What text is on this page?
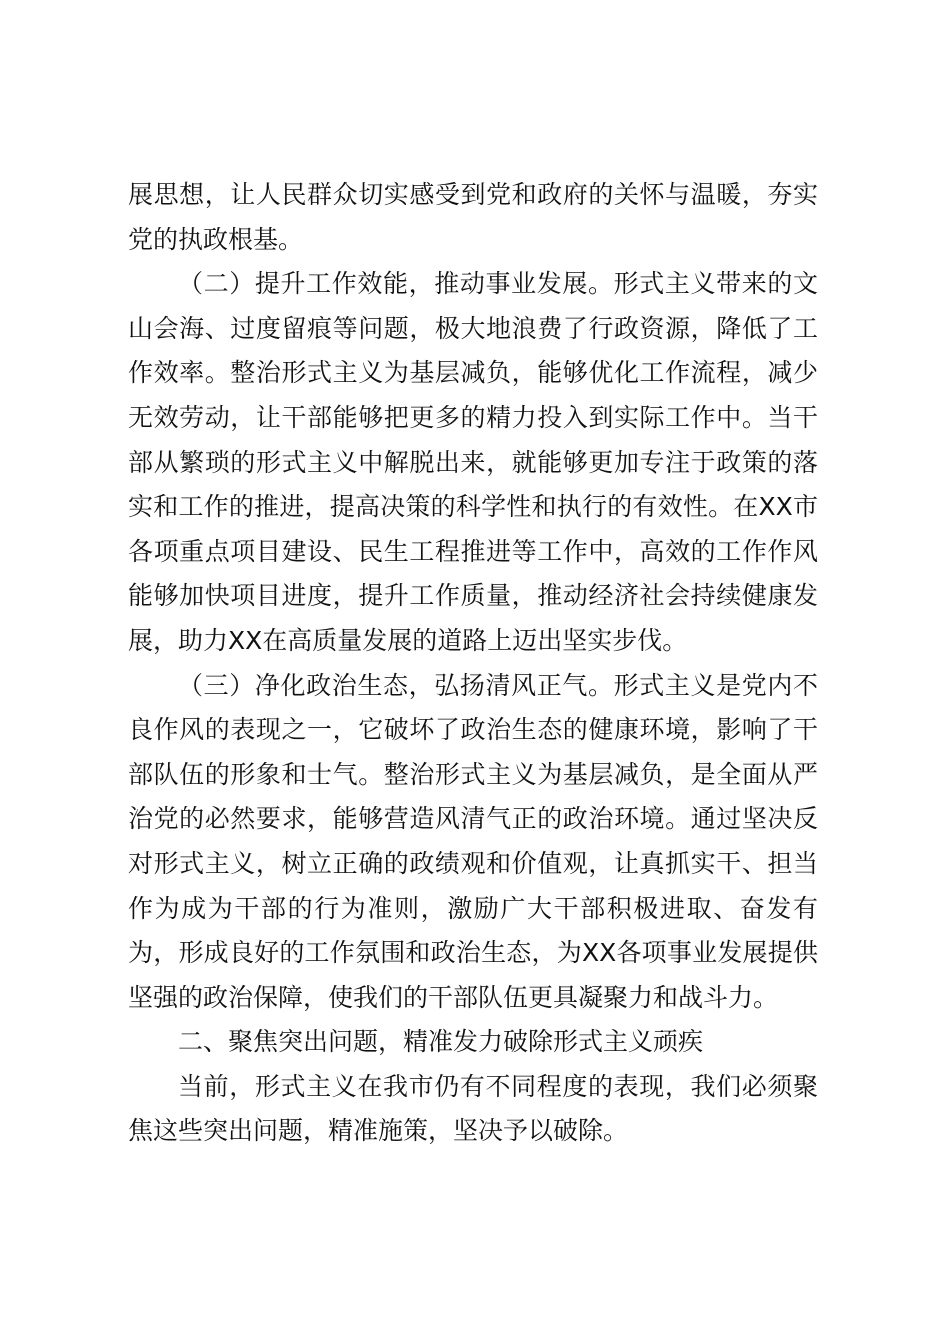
展思想，让人民群众切实感受到党和政府的关怀与温暖，夯实党的执政根基。

（二）提升工作效能，推动事业发展。形式主义带来的文山会海、过度留痕等问题，极大地浪费了行政资源，降低了工作效率。整治形式主义为基层减负，能够优化工作流程，减少无效劳动，让干部能够把更多的精力投入到实际工作中。当干部从繁琐的形式主义中解脱出来，就能够更加专注于政策的落实和工作的推进，提高决策的科学性和执行的有效性。在XX市各项重点项目建设、民生工程推进等工作中，高效的工作作风能够加快项目进度，提升工作质量，推动经济社会持续健康发展，助力XX在高质量发展的道路上迈出坚实步伐。

（三）净化政治生态，弘扬清风正气。形式主义是党内不良作风的表现之一，它破坏了政治生态的健康环境，影响了干部队伍的形象和士气。整治形式主义为基层减负，是全面从严治党的必然要求，能够营造风清气正的政治环境。通过坚决反对形式主义，树立正确的政绩观和价值观，让真抓实干、担当作为成为干部的行为准则，激励广大干部积极进取、奋发有为，形成良好的工作氛围和政治生态，为XX各项事业发展提供坚强的政治保障，使我们的干部队伍更具凝聚力和战斗力。

二、聚焦突出问题，精准发力破除形式主义顽疾

当前，形式主义在我市仍有不同程度的表现，我们必须聚焦这些突出问题，精准施策，坚决予以破除。
